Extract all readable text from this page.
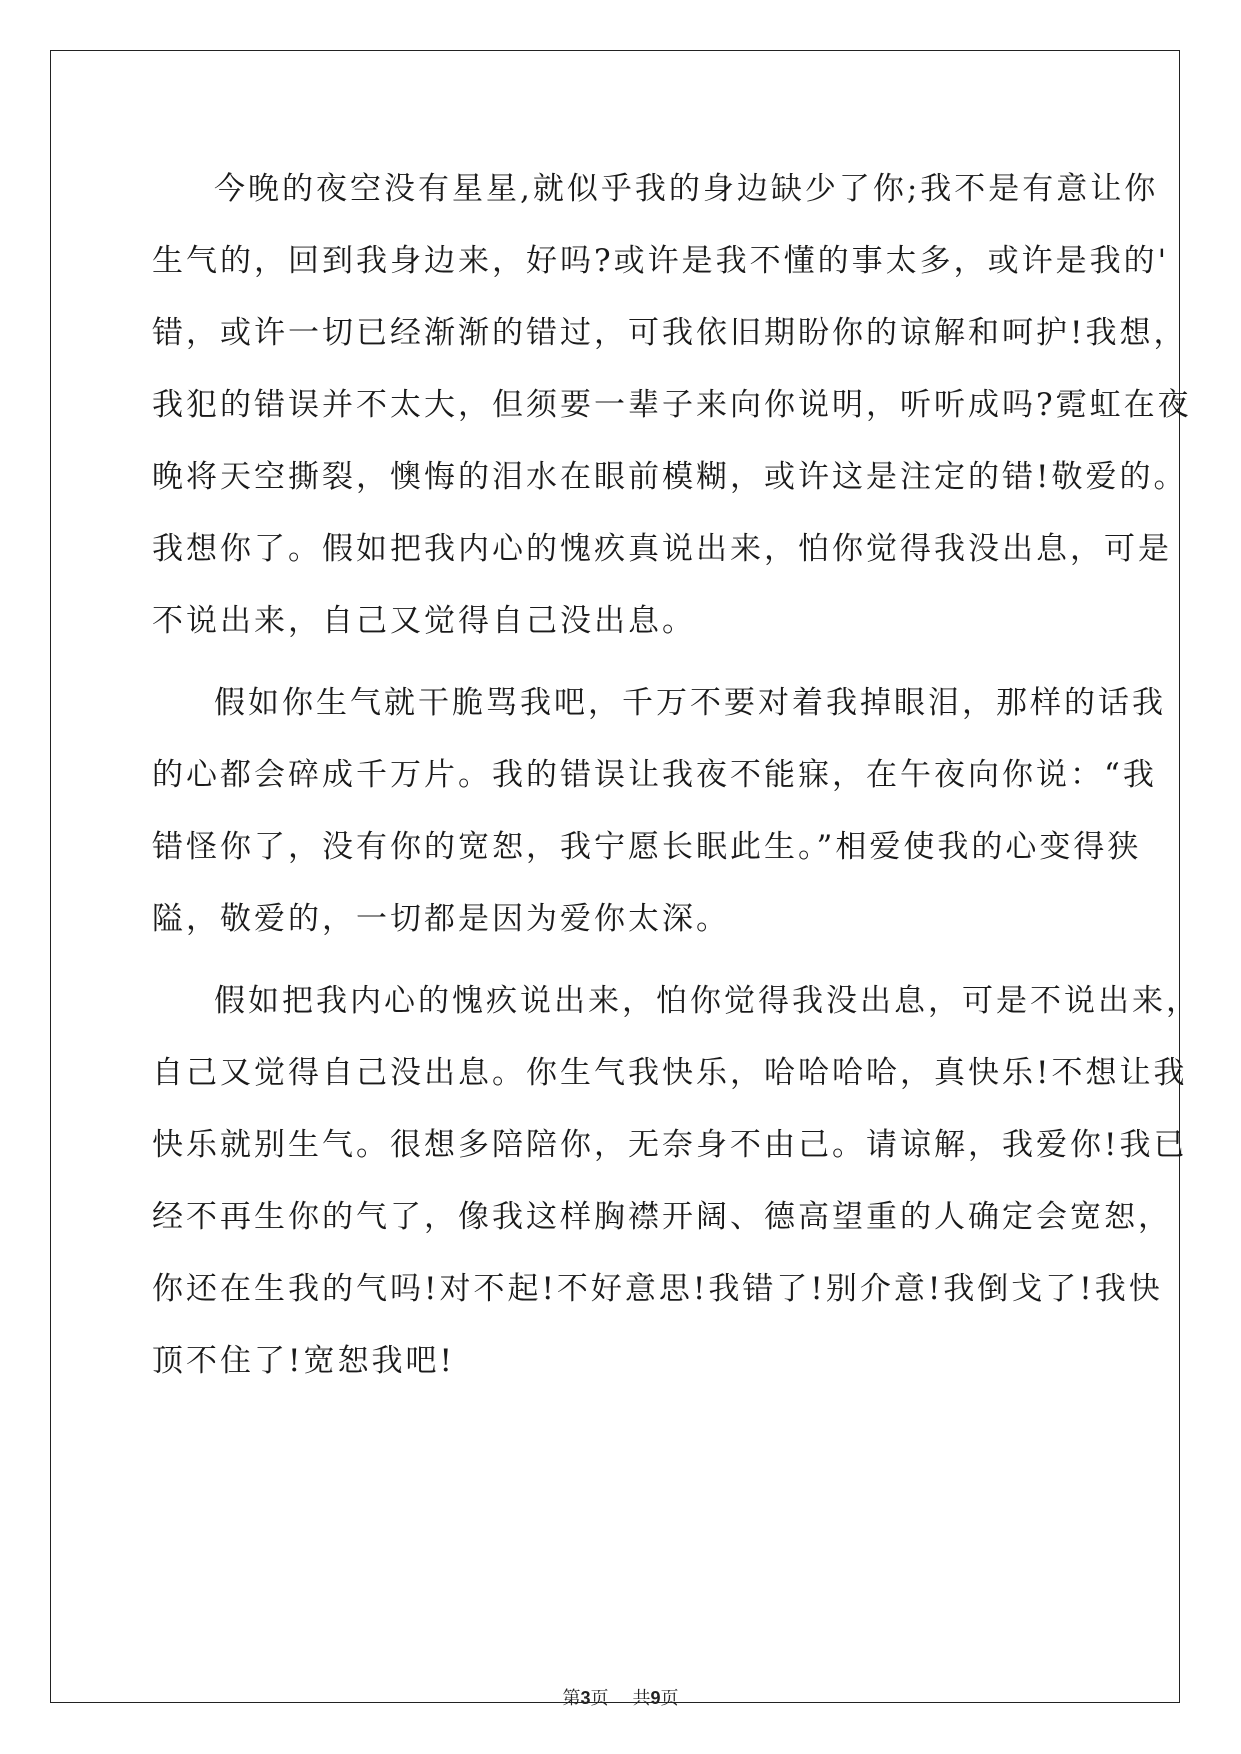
今晚的夜空没有星星,就似乎我的身边缺少了你;我不是有意让你
生气的，回到我身边来，好吗?或许是我不懂的事太多，或许是我的'
错，或许一切已经渐渐的错过，可我依旧期盼你的谅解和呵护!我想，
我犯的错误并不太大，但须要一辈子来向你说明，听听成吗?霓虹在夜
晚将天空撕裂，懊悔的泪水在眼前模糊，或许这是注定的错!敬爱的。
我想你了。假如把我内心的愧疚真说出来，怕你觉得我没出息，可是
不说出来，自己又觉得自己没出息。
假如你生气就干脆骂我吧，千万不要对着我掉眼泪，那样的话我
的心都会碎成千万片。我的错误让我夜不能寐，在午夜向你说：“我
错怪你了，没有你的宽恕，我宁愿长眠此生。”相爱使我的心变得狭
隘，敬爱的，一切都是因为爱你太深。
假如把我内心的愧疚说出来，怕你觉得我没出息，可是不说出来，
自己又觉得自己没出息。你生气我快乐，哈哈哈哈，真快乐!不想让我
快乐就别生气。很想多陪陪你，无奈身不由己。请谅解，我爱你!我已
经不再生你的气了，像我这样胸襟开阔、德高望重的人确定会宽恕，
你还在生我的气吗!对不起!不好意思!我错了!别介意!我倒戈了!我快
顶不住了!宽恕我吧!
第3页 共9页
